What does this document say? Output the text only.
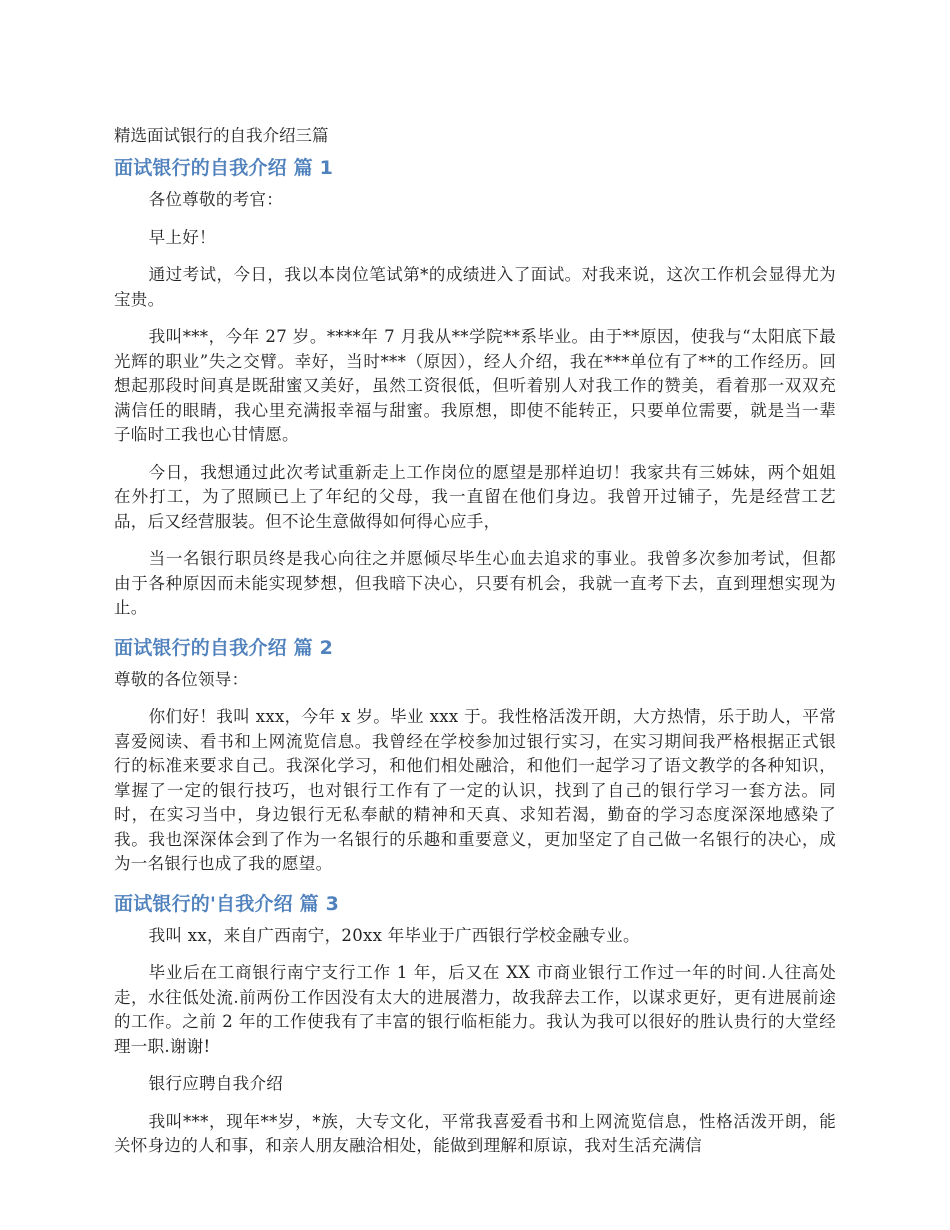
精选面试银行的自我介绍三篇
面试银行的自我介绍 篇 1

各位尊敬的考官：

早上好！

通过考试，今日，我以本岗位笔试第*的成绩进入了面试。对我来说，这次工作机会显得尤为宝贵。

我叫***，今年 27 岁。****年 7 月我从**学院**系毕业。由于**原因，使我与“太阳底下最光辉的职业”失之交臂。幸好，当时***（原因），经人介绍，我在***单位有了**的工作经历。回想起那段时间真是既甜蜜又美好，虽然工资很低，但听着别人对我工作的赞美，看着那一双双充满信任的眼睛，我心里充满报幸福与甜蜜。我原想，即使不能转正，只要单位需要，就是当一辈子临时工我也心甘情愿。

今日，我想通过此次考试重新走上工作岗位的愿望是那样迫切！我家共有三姊妹，两个姐姐在外打工，为了照顾已上了年纪的父母，我一直留在他们身边。我曾开过铺子，先是经营工艺品，后又经营服装。但不论生意做得如何得心应手，

当一名银行职员终是我心向往之并愿倾尽毕生心血去追求的事业。我曾多次参加考试，但都由于各种原因而未能实现梦想，但我暗下决心，只要有机会，我就一直考下去，直到理想实现为止。

面试银行的自我介绍 篇 2

尊敬的各位领导：

你们好！我叫 xxx，今年 x 岁。毕业 xxx 于。我性格活泼开朗，大方热情，乐于助人，平常喜爱阅读、看书和上网流览信息。我曾经在学校参加过银行实习，在实习期间我严格根据正式银行的标准来要求自己。我深化学习，和他们相处融洽，和他们一起学习了语文教学的各种知识，掌握了一定的银行技巧，也对银行工作有了一定的认识，找到了自己的银行学习一套方法。同时，在实习当中，身边银行无私奉献的精神和天真、求知若渴，勤奋的学习态度深深地感染了我。我也深深体会到了作为一名银行的乐趣和重要意义，更加坚定了自己做一名银行的决心，成为一名银行也成了我的愿望。

面试银行的'自我介绍 篇 3

我叫 xx，来自广西南宁，20xx 年毕业于广西银行学校金融专业。

毕业后在工商银行南宁支行工作 1 年，后又在 XX 市商业银行工作过一年的时间.人往高处走，水往低处流.前两份工作因没有太大的进展潜力，故我辞去工作，以谋求更好，更有进展前途的工作。之前 2 年的工作使我有了丰富的银行临柜能力。我认为我可以很好的胜认贵行的大堂经理一职.谢谢!

银行应聘自我介绍

我叫***，现年**岁，*族，大专文化，平常我喜爱看书和上网流览信息，性格活泼开朗，能关怀身边的人和事，和亲人朋友融洽相处，能做到理解和原谅，我对生活充满信
